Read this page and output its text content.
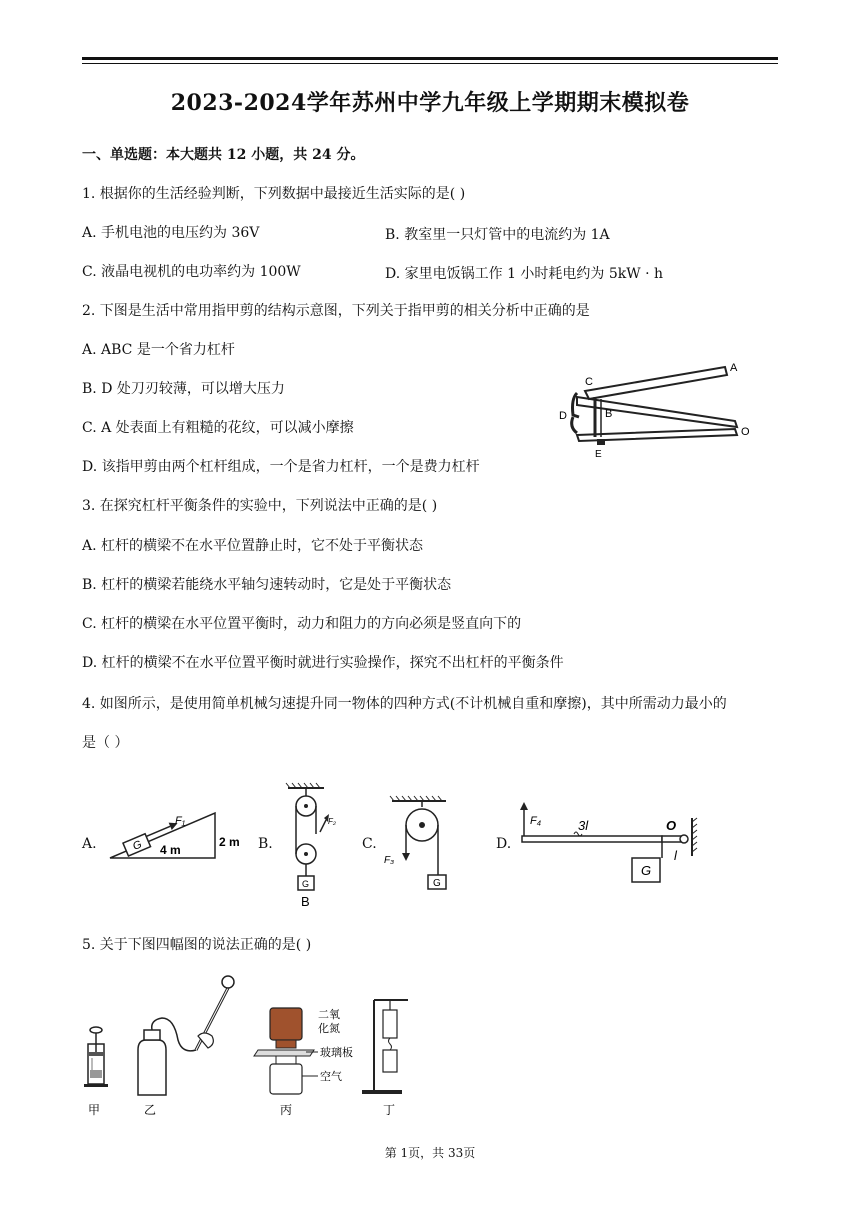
2023-2024学年苏州中学九年级上学期期末模拟卷
一、单选题：本大题共 12 小题，共 24 分。
1. 根据你的生活经验判断，下列数据中最接近生活实际的是( )
A. 手机电池的电压约为 36V	B. 教室里一只灯管中的电流约为 1A
C. 液晶电视机的电功率约为 100W	D. 家里电饭锅工作 1 小时耗电约为 5kW · h
2. 下图是生活中常用指甲剪的结构示意图，下列关于指甲剪的相关分析中正确的是
A. ABC 是一个省力杠杆
B. D 处刀刃较薄，可以增大压力
C. A 处表面上有粗糙的花纹，可以减小摩擦
D. 该指甲剪由两个杠杆组成，一个是省力杠杆，一个是费力杠杆
C
A
B
D
E
O
3. 在探究杠杆平衡条件的实验中，下列说法中正确的是( )
A. 杠杆的横梁不在水平位置静止时，它不处于平衡状态
B. 杠杆的横梁若能绕水平轴匀速转动时，它是处于平衡状态
C. 杠杆的横梁在水平位置平衡时，动力和阻力的方向必须是竖直向下的
D. 杠杆的横梁不在水平位置平衡时就进行实验操作，探究不出杠杆的平衡条件
4. 如图所示，是使用简单机械匀速提升同一物体的四种方式(不计机械自重和摩擦)，其中所需动力最小的
是（ ）
A.	G
F₁
4 m
2 m B.
F₂
G
B
C.
F₃
G
D.
F₄	3l	O
l
G
5. 关于下图四幅图的说法正确的是( )
甲	乙
二氧
化氮
玻璃板
空气
丙	丁
第 1页，共 33页
